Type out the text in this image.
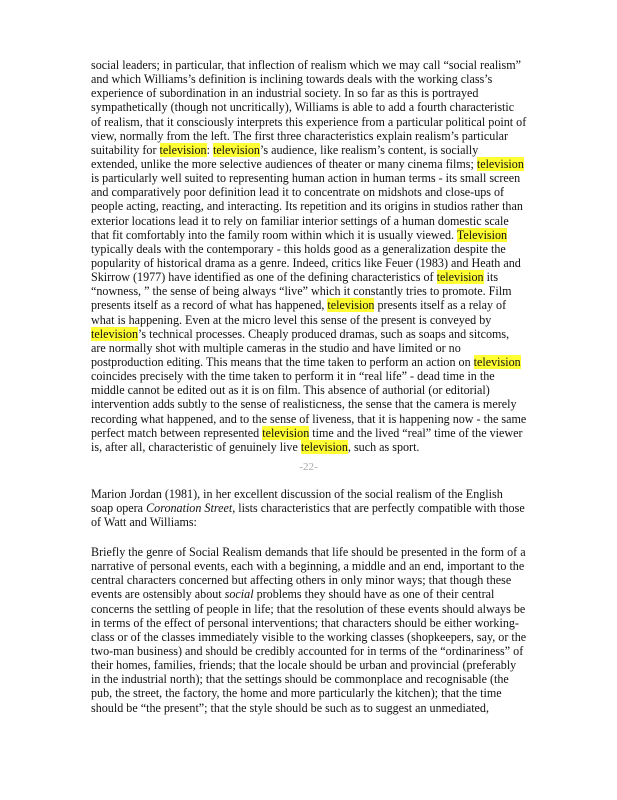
social leaders; in particular, that inflection of realism which we may call “social realism”
and which Williams’s definition is inclining towards deals with the working class’s
experience of subordination in an industrial society. In so far as this is portrayed
sympathetically (though not uncritically), Williams is able to add a fourth characteristic
of realism, that it consciously interprets this experience from a particular political point of
view, normally from the left. The first three characteristics explain realism’s particular
suitability for television: television’s audience, like realism’s content, is socially
extended, unlike the more selective audiences of theater or many cinema films; television
is particularly well suited to representing human action in human terms - its small screen
and comparatively poor definition lead it to concentrate on midshots and close-ups of
people acting, reacting, and interacting. Its repetition and its origins in studios rather than
exterior locations lead it to rely on familiar interior settings of a human domestic scale
that fit comfortably into the family room within which it is usually viewed. Television
typically deals with the contemporary - this holds good as a generalization despite the
popularity of historical drama as a genre. Indeed, critics like Feuer (1983) and Heath and
Skirrow (1977) have identified as one of the defining characteristics of television its
“nowness, ” the sense of being always “live” which it constantly tries to promote. Film
presents itself as a record of what has happened, television presents itself as a relay of
what is happening. Even at the micro level this sense of the present is conveyed by
television’s technical processes. Cheaply produced dramas, such as soaps and sitcoms,
are normally shot with multiple cameras in the studio and have limited or no
postproduction editing. This means that the time taken to perform an action on television
coincides precisely with the time taken to perform it in “real life” - dead time in the
middle cannot be edited out as it is on film. This absence of authorial (or editorial)
intervention adds subtly to the sense of realisticness, the sense that the camera is merely
recording what happened, and to the sense of liveness, that it is happening now - the same
perfect match between represented television time and the lived “real” time of the viewer
is, after all, characteristic of genuinely live television, such as sport.
-22-
Marion Jordan (1981), in her excellent discussion of the social realism of the English
soap opera Coronation Street, lists characteristics that are perfectly compatible with those
of Watt and Williams:
Briefly the genre of Social Realism demands that life should be presented in the form of a
narrative of personal events, each with a beginning, a middle and an end, important to the
central characters concerned but affecting others in only minor ways; that though these
events are ostensibly about social problems they should have as one of their central
concerns the settling of people in life; that the resolution of these events should always be
in terms of the effect of personal interventions; that characters should be either working-
class or of the classes immediately visible to the working classes (shopkeepers, say, or the
two-man business) and should be credibly accounted for in terms of the “ordinariness” of
their homes, families, friends; that the locale should be urban and provincial (preferably
in the industrial north); that the settings should be commonplace and recognisable (the
pub, the street, the factory, the home and more particularly the kitchen); that the time
should be “the present”; that the style should be such as to suggest an unmediated,
